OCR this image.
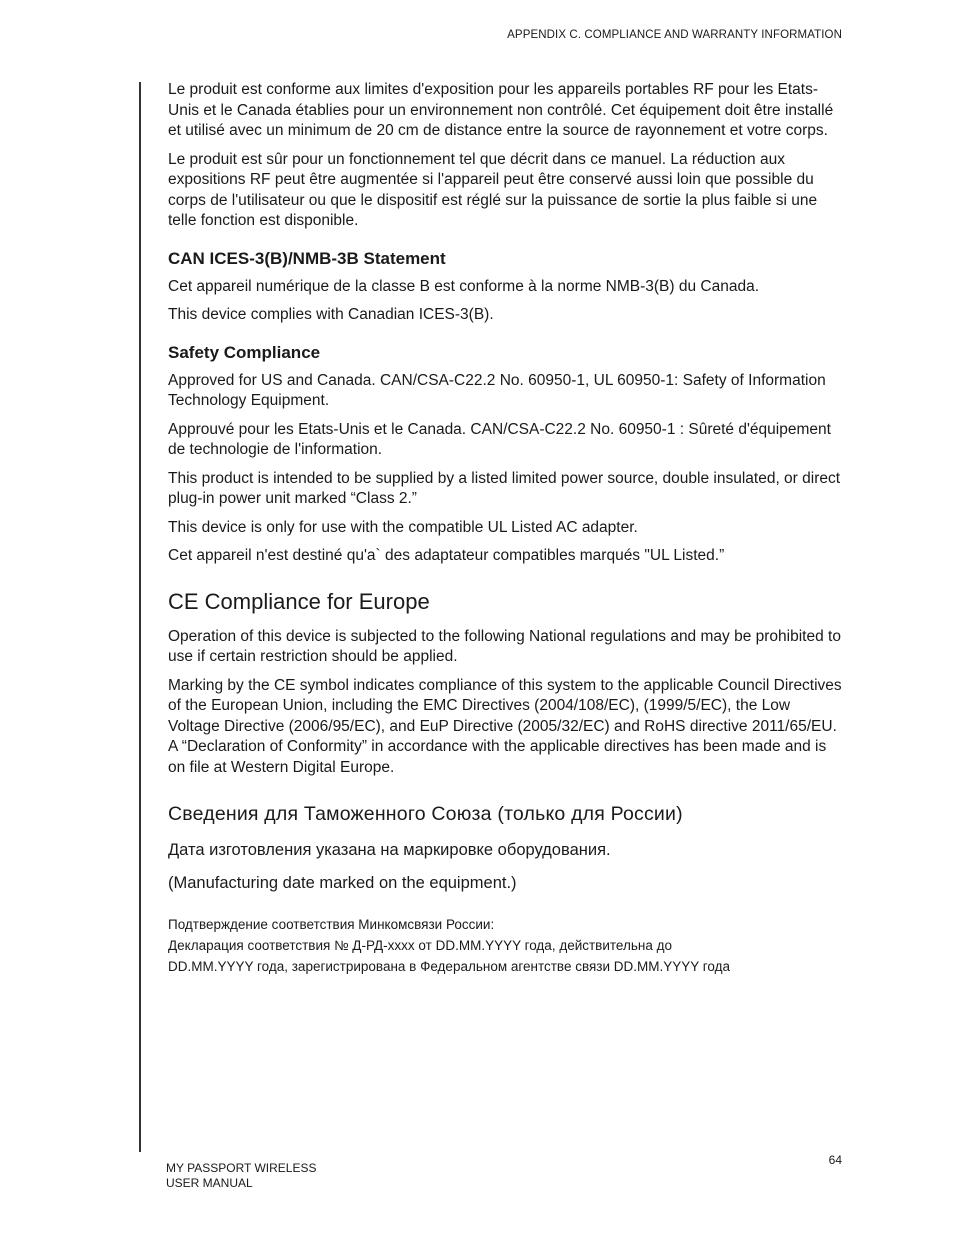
APPENDIX C. COMPLIANCE AND WARRANTY INFORMATION

Le produit est conforme aux limites d'exposition pour les appareils portables RF pour les Etats-Unis et le Canada établies pour un environnement non contrôlé. Cet équipement doit être installé et utilisé avec un minimum de 20 cm de distance entre la source de rayonnement et votre corps.

Le produit est sûr pour un fonctionnement tel que décrit dans ce manuel. La réduction aux expositions RF peut être augmentée si l'appareil peut être conservé aussi loin que possible du corps de l'utilisateur ou que le dispositif est réglé sur la puissance de sortie la plus faible si une telle fonction est disponible.

CAN ICES-3(B)/NMB-3B Statement

Cet appareil numérique de la classe B est conforme à la norme NMB-3(B) du Canada.

This device complies with Canadian ICES-3(B).

Safety Compliance

Approved for US and Canada. CAN/CSA-C22.2 No. 60950-1, UL 60950-1: Safety of Information Technology Equipment.

Approuvé pour les Etats-Unis et le Canada. CAN/CSA-C22.2 No. 60950-1 : Sûreté d'équipement de technologie de l'information.

This product is intended to be supplied by a listed limited power source, double insulated, or direct plug-in power unit marked “Class 2.”

This device is only for use with the compatible UL Listed AC adapter.

Cet appareil n'est destiné qu'a` des adaptateur compatibles marqués "UL Listed.”

CE Compliance for Europe

Operation of this device is subjected to the following National regulations and may be prohibited to use if certain restriction should be applied.

Marking by the CE symbol indicates compliance of this system to the applicable Council Directives of the European Union, including the EMC Directives (2004/108/EC), (1999/5/EC), the Low Voltage Directive (2006/95/EC), and EuP Directive (2005/32/EC) and RoHS directive 2011/65/EU. A “Declaration of Conformity” in accordance with the applicable directives has been made and is on file at Western Digital Europe.

Сведения для Таможенного Союза (только для России)

Дата изготовления указана на маркировке оборудования.

(Manufacturing date marked on the equipment.)

Подтверждение соответствия Минкомсвязи России:

Декларация соответствия № Д-РД-xxxx от DD.MM.YYYY года, действительна до

DD.MM.YYYY года, зарегистрирована в Федеральном агентстве связи DD.MM.YYYY года

MY PASSPORT WIRELESS
USER MANUAL
64
